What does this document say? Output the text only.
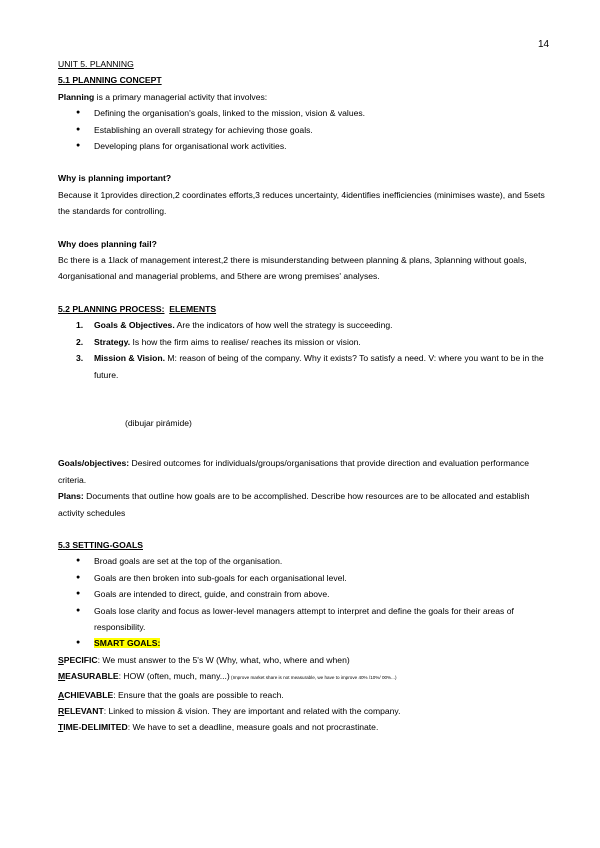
14

UNIT 5. PLANNING

5.1 PLANNING CONCEPT

Planning is a primary managerial activity that involves:

● Defining the organisation's goals, linked to the mission, vision & values.
● Establishing an overall strategy for achieving those goals.
● Developing plans for organisational work activities.

Why is planning important?

Because it 1provides direction,2 coordinates efforts,3 reduces uncertainty, 4identifies inefficiencies (minimises waste), and 5sets the standards for controlling.

Why does planning fail?

Bc there is a 1lack of management interest,2 there is misunderstanding between planning & plans, 3planning without goals, 4organisational and managerial problems, and 5there are wrong premises' analyses.

5.2 PLANNING PROCESS: ELEMENTS

1. Goals & Objectives. Are the indicators of how well the strategy is succeeding.
2. Strategy. Is how the firm aims to realise/ reaches its mission or vision.
3. Mission & Vision. M: reason of being of the company. Why it exists? To satisfy a need. V: where you want to be in the future.

(dibujar pirámide)

Goals/objectives: Desired outcomes for individuals/groups/organisations that provide direction and evaluation performance criteria.

Plans: Documents that outline how goals are to be accomplished. Describe how resources are to be allocated and establish activity schedules

5.3 SETTING-GOALS

● Broad goals are set at the top of the organisation.
● Goals are then broken into sub-goals for each organisational level.
● Goals are intended to direct, guide, and constrain from above.
● Goals lose clarity and focus as lower-level managers attempt to interpret and define the goals for their areas of responsibility.
● SMART GOALS:

SPECIFIC: We must answer to the 5's W (Why, what, who, where and when)

MEASURABLE: HOW (often, much, many...) (Improve market share is not measurable, we have to improve 40% /10%/ 00%...)

ACHIEVABLE: Ensure that the goals are possible to reach.

RELEVANT: Linked to mission & vision. They are important and related with the company.

TIME-DELIMITED: We have to set a deadline, measure goals and not procrastinate.
